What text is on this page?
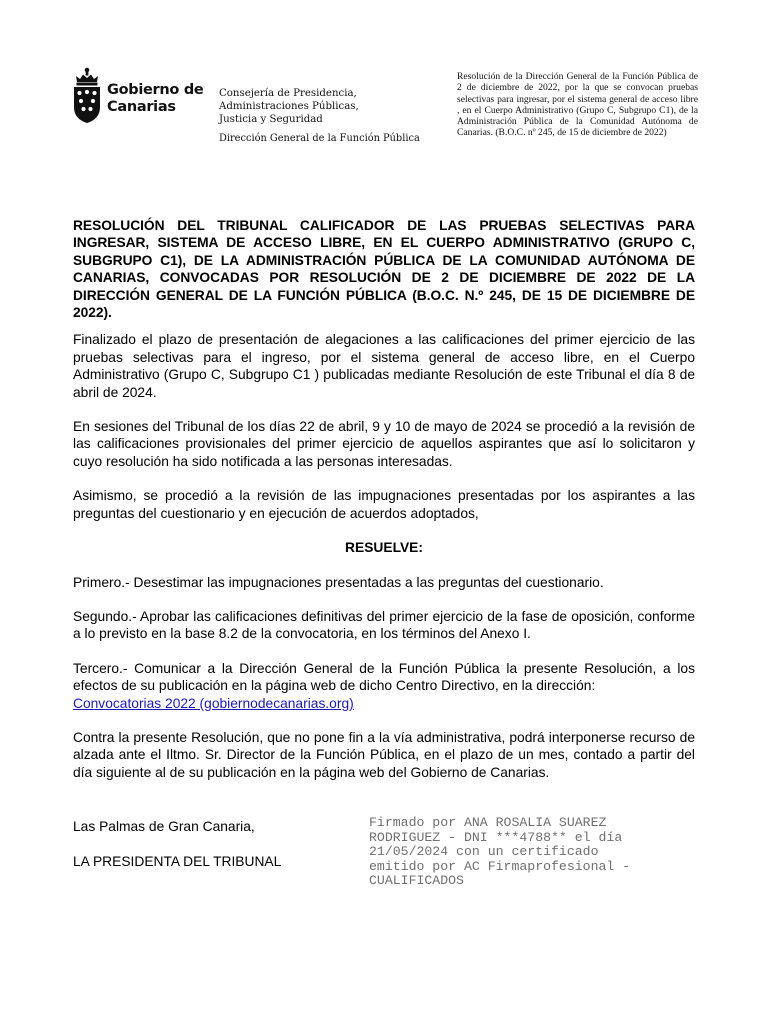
Gobierno de Canarias
Consejería de Presidencia, Administraciones Públicas, Justicia y Seguridad
Dirección General de la Función Pública
Resolución de la Dirección General de la Función Pública de 2 de diciembre de 2022, por la que se convocan pruebas selectivas para ingresar, por el sistema general de acceso libre , en el Cuerpo Administrativo (Grupo C, Subgrupo C1), de la Administración Pública de la Comunidad Autónoma de Canarias. (B.O.C. nº 245, de 15 de diciembre de 2022)

RESOLUCIÓN DEL TRIBUNAL CALIFICADOR DE LAS PRUEBAS SELECTIVAS PARA INGRESAR, SISTEMA DE ACCESO LIBRE, EN EL CUERPO ADMINISTRATIVO (GRUPO C, SUBGRUPO C1), DE LA ADMINISTRACIÓN PÚBLICA DE LA COMUNIDAD AUTÓNOMA DE CANARIAS, CONVOCADAS POR RESOLUCIÓN DE 2 DE DICIEMBRE DE 2022 DE LA DIRECCIÓN GENERAL DE LA FUNCIÓN PÚBLICA (B.O.C. N.º 245, DE 15 DE DICIEMBRE DE 2022).

Finalizado el plazo de presentación de alegaciones a las calificaciones del primer ejercicio de las pruebas selectivas para el ingreso, por el sistema general de acceso libre, en el Cuerpo Administrativo (Grupo C, Subgrupo C1 ) publicadas mediante Resolución de este Tribunal el día 8 de abril de 2024.

En sesiones del Tribunal de los días 22 de abril, 9 y 10 de mayo de 2024 se procedió a la revisión de las calificaciones provisionales del primer ejercicio de aquellos aspirantes que así lo solicitaron y cuyo resolución ha sido notificada a las personas interesadas.

Asimismo, se procedió a la revisión de las impugnaciones presentadas por los aspirantes a las preguntas del cuestionario y en ejecución de acuerdos adoptados,

RESUELVE:

Primero.- Desestimar las impugnaciones presentadas a las preguntas del cuestionario.

Segundo.- Aprobar las calificaciones definitivas del primer ejercicio de la fase de oposición, conforme a lo previsto en la base 8.2 de la convocatoria, en los términos del Anexo I.

Tercero.- Comunicar a la Dirección General de la Función Pública la presente Resolución, a los efectos de su publicación en la página web de dicho Centro Directivo, en la dirección:
Convocatorias 2022 (gobiernodecanarias.org)

Contra la presente Resolución, que no pone fin a la vía administrativa, podrá interponerse recurso de alzada ante el Iltmo. Sr. Director de la Función Pública, en el plazo de un mes, contado a partir del día siguiente al de su publicación en la página web del Gobierno de Canarias.

Las Palmas de Gran Canaria,
LA PRESIDENTA DEL TRIBUNAL
Firmado por ANA ROSALIA SUAREZ
RODRIGUEZ - DNI ***4788** el día
21/05/2024 con un certificado
emitido por AC Firmaprofesional -
CUALIFICADOS
